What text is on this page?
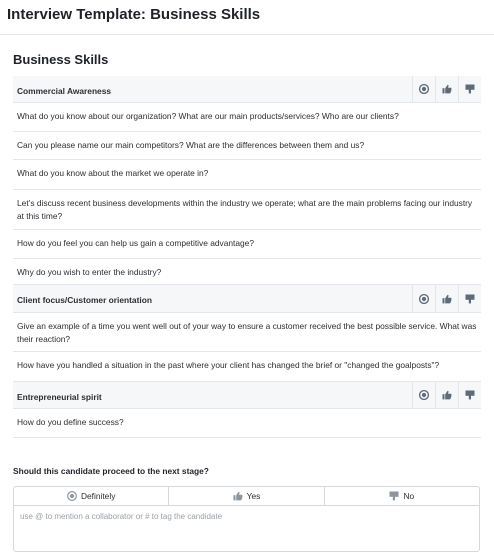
Interview Template: Business Skills
Business Skills
Commercial Awareness
What do you know about our organization? What are our main products/services? Who are our clients?
Can you please name our main competitors? What are the differences between them and us?
What do you know about the market we operate in?
Let’s discuss recent business developments within the industry we operate; what are the main problems facing our industry at this time?
How do you feel you can help us gain a competitive advantage?
Why do you wish to enter the industry?
Client focus/Customer orientation
Give an example of a time you went well out of your way to ensure a customer received the best possible service. What was their reaction?
How have you handled a situation in the past where your client has changed the brief or "changed the goalposts"?
Entrepreneurial spirit
How do you define success?
Should this candidate proceed to the next stage?
Definitely	Yes	No
use @ to mention a collaborator or # to tag the candidate
